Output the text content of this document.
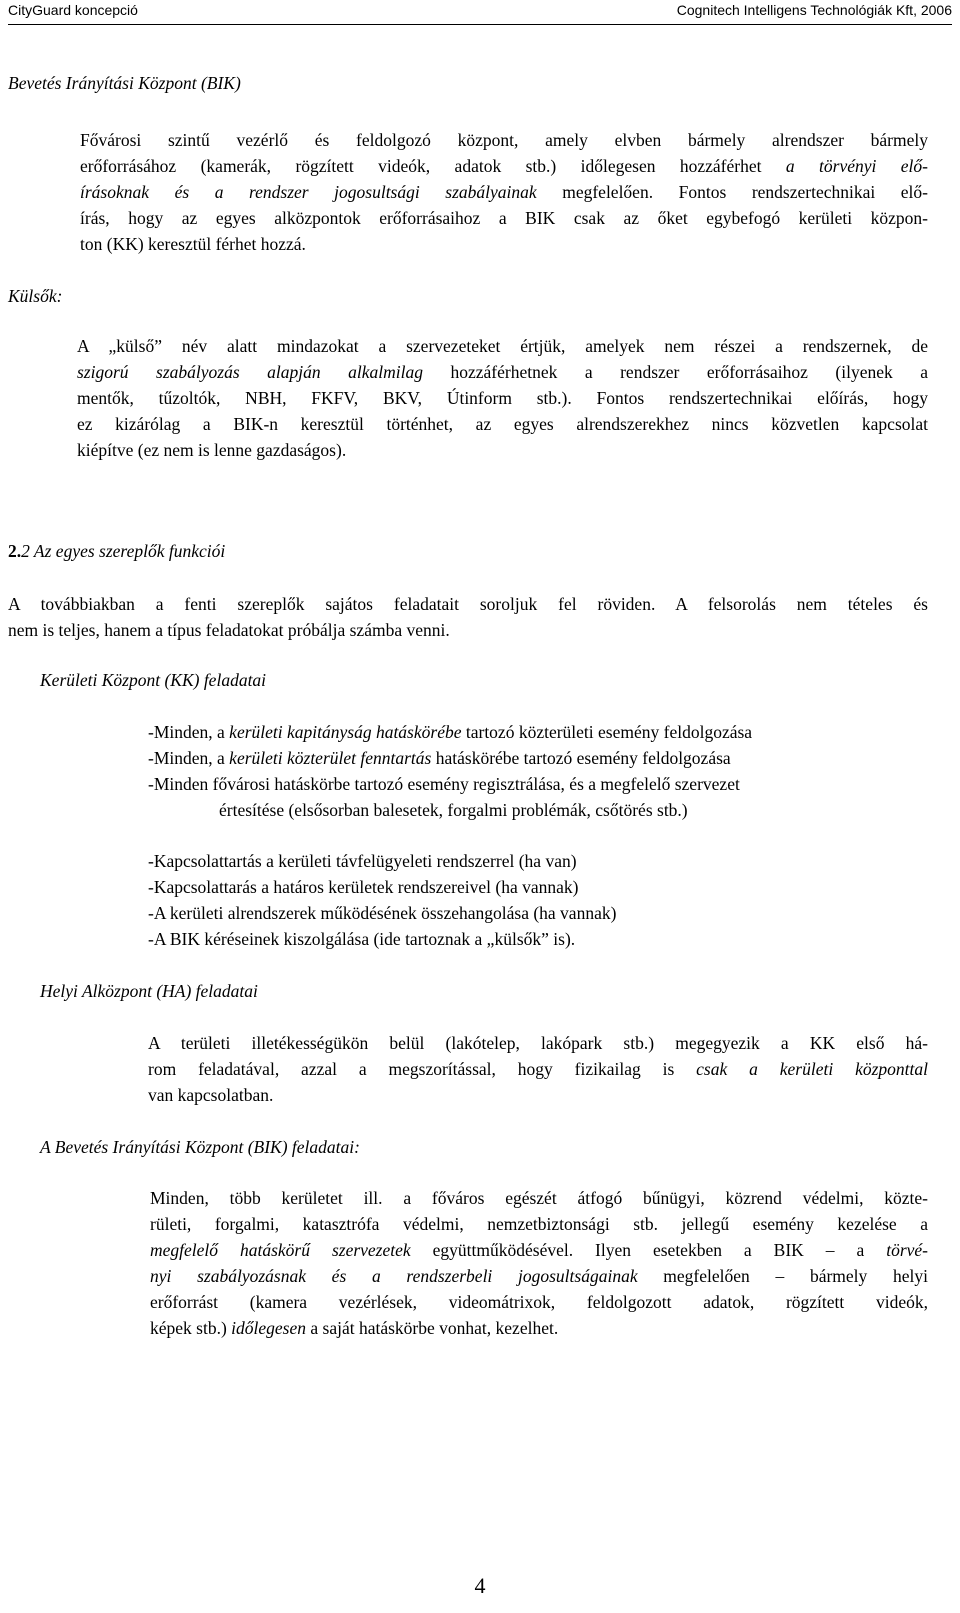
CityGuard koncepció	Cognitech Intelligens Technológiák Kft, 2006
Bevetés Irányítási Központ (BIK)
Fővárosi szintű vezérlő és feldolgozó központ, amely elvben bármely alrendszer bármely
erőforrásához (kamerák, rögzített videók, adatok stb.) időlegesen hozzáférhet a törvényi elő-
írásoknak és a rendszer jogosultsági szabályainak megfelelően. Fontos rendszertechnikai elő-
írás, hogy az egyes alközpontok erőforrásaihoz a BIK csak az őket egybefogó kerületi közpon-
ton (KK) keresztül férhet hozzá.
Külsők:
A „külső” név alatt mindazokat a szervezeteket értjük, amelyek nem részei a rendszernek, de
szigorú szabályozás alapján alkalmilag hozzáférhetnek a rendszer erőforrásaihoz (ilyenek a
mentők, tűzoltók, NBH, FKFV, BKV, Útinform stb.). Fontos rendszertechnikai előírás, hogy
ez kizárólag a BIK-n keresztül történhet, az egyes alrendszerekhez nincs közvetlen kapcsolat
kiépítve (ez nem is lenne gazdaságos).
2.2 Az egyes szereplők funkciói
A továbbiakban a fenti szereplők sajátos feladatait soroljuk fel röviden. A felsorolás nem tételes és
nem is teljes, hanem a típus feladatokat próbálja számba venni.
Kerületi Központ (KK) feladatai
-Minden, a kerületi kapitányság hatáskörébe tartozó közterületi esemény feldolgozása
-Minden, a kerületi közterület fenntartás hatáskörébe tartozó esemény feldolgozása
-Minden fővárosi hatáskörbe tartozó esemény regisztrálása, és a megfelelő szervezet
értesítése (elsősorban balesetek, forgalmi problémák, csőtörés stb.)
-Kapcsolattartás a kerületi távfelügyeleti rendszerrel (ha van)
-Kapcsolattarás a határos kerületek rendszereivel (ha vannak)
-A kerületi alrendszerek működésének összehangolása (ha vannak)
-A BIK kéréseinek kiszolgálása (ide tartoznak a „külsők” is).
Helyi Alközpont (HA) feladatai
A területi illetékességükön belül (lakótelep, lakópark stb.) megegyezik a KK első há-
rom feladatával, azzal a megszorítással, hogy fizikailag is csak a kerületi központtal
van kapcsolatban.
A Bevetés Irányítási Központ (BIK) feladatai:
Minden, több kerületet ill. a főváros egészét átfogó bűnügyi, közrend védelmi, közte-
rületi, forgalmi, katasztrófa védelmi, nemzetbiztonsági stb. jellegű esemény kezelése a
megfelelő hatáskörű szervezetek együttműködésével. Ilyen esetekben a BIK – a törvé-
nyi szabályozásnak és a rendszerbeli jogosultságainak megfelelően – bármely helyi
erőforrást (kamera vezérlések, videomátrixok, feldolgozott adatok, rögzített videók,
képek stb.) időlegesen a saját hatáskörbe vonhat, kezelhet.
4
